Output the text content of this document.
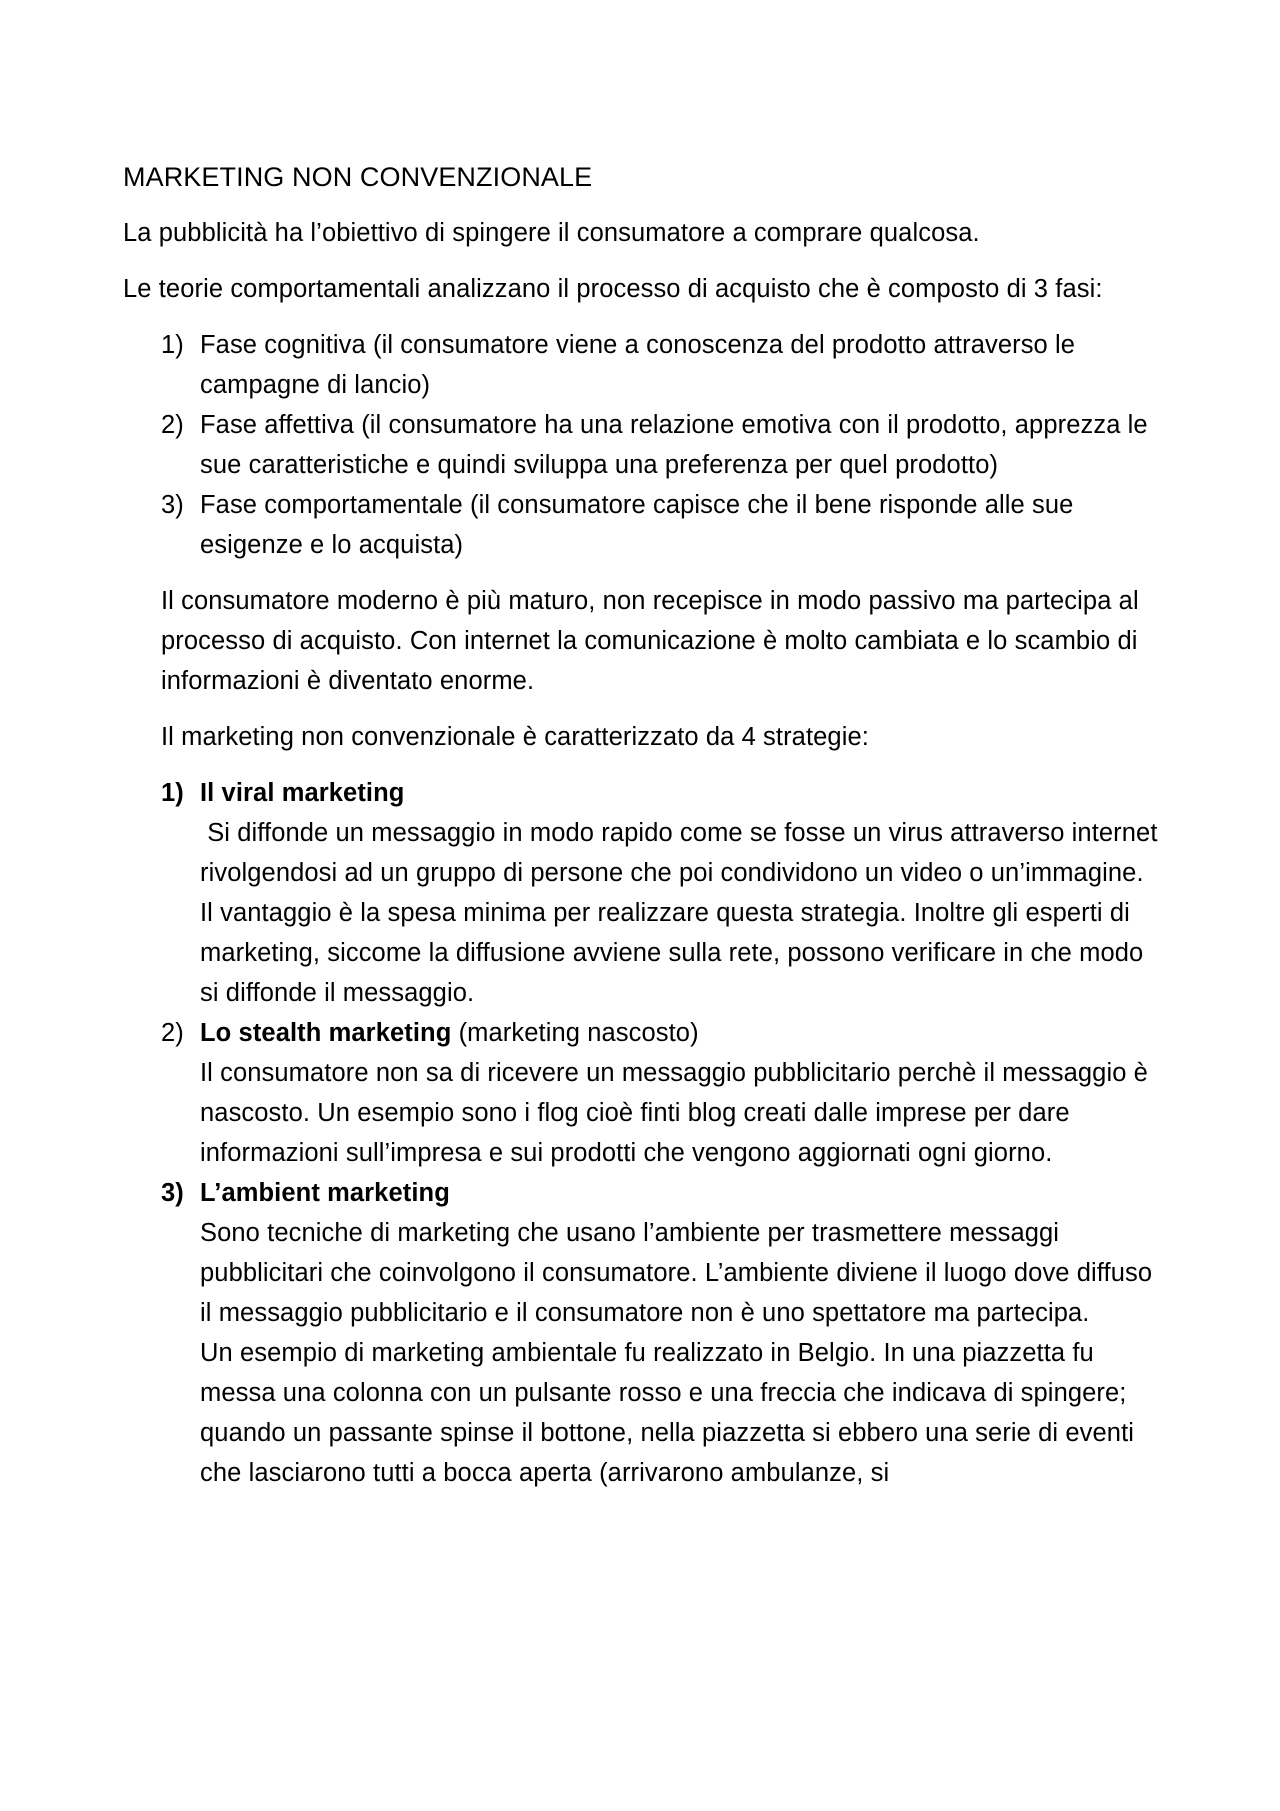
MARKETING NON CONVENZIONALE

La pubblicità ha l’obiettivo di spingere il consumatore a comprare qualcosa.

Le teorie comportamentali analizzano il processo di acquisto che è composto di 3 fasi:

1) Fase cognitiva (il consumatore viene a conoscenza del prodotto attraverso le campagne di lancio)
2) Fase affettiva (il consumatore ha una relazione emotiva con il prodotto, apprezza le sue caratteristiche e quindi sviluppa una preferenza per quel prodotto)
3) Fase comportamentale (il consumatore capisce che il bene risponde alle sue esigenze e lo acquista)

Il consumatore moderno è più maturo, non recepisce in modo passivo ma partecipa al processo di acquisto. Con internet la comunicazione è molto cambiata e lo scambio di informazioni è diventato enorme.

Il marketing non convenzionale è caratterizzato da 4 strategie:

1) Il viral marketing
Si diffonde un messaggio in modo rapido come se fosse un virus attraverso internet rivolgendosi ad un gruppo di persone che poi condividono un video o un’immagine. Il vantaggio è la spesa minima per realizzare questa strategia. Inoltre gli esperti di marketing, siccome la diffusione avviene sulla rete, possono verificare in che modo si diffonde il messaggio.
2) Lo stealth marketing (marketing nascosto)
Il consumatore non sa di ricevere un messaggio pubblicitario perchè il messaggio è nascosto. Un esempio sono i flog cioè finti blog creati dalle imprese per dare informazioni sull’impresa e sui prodotti che vengono aggiornati ogni giorno.
3) L’ambient marketing
Sono tecniche di marketing che usano l’ambiente per trasmettere messaggi pubblicitari che coinvolgono il consumatore. L’ambiente diviene il luogo dove diffuso il messaggio pubblicitario e il consumatore non è uno spettatore ma partecipa.
Un esempio di marketing ambientale fu realizzato in Belgio. In una piazzetta fu messa una colonna con un pulsante rosso e una freccia che indicava di spingere; quando un passante spinse il bottone, nella piazzetta si ebbero una serie di eventi che lasciarono tutti a bocca aperta (arrivarono ambulanze, si
